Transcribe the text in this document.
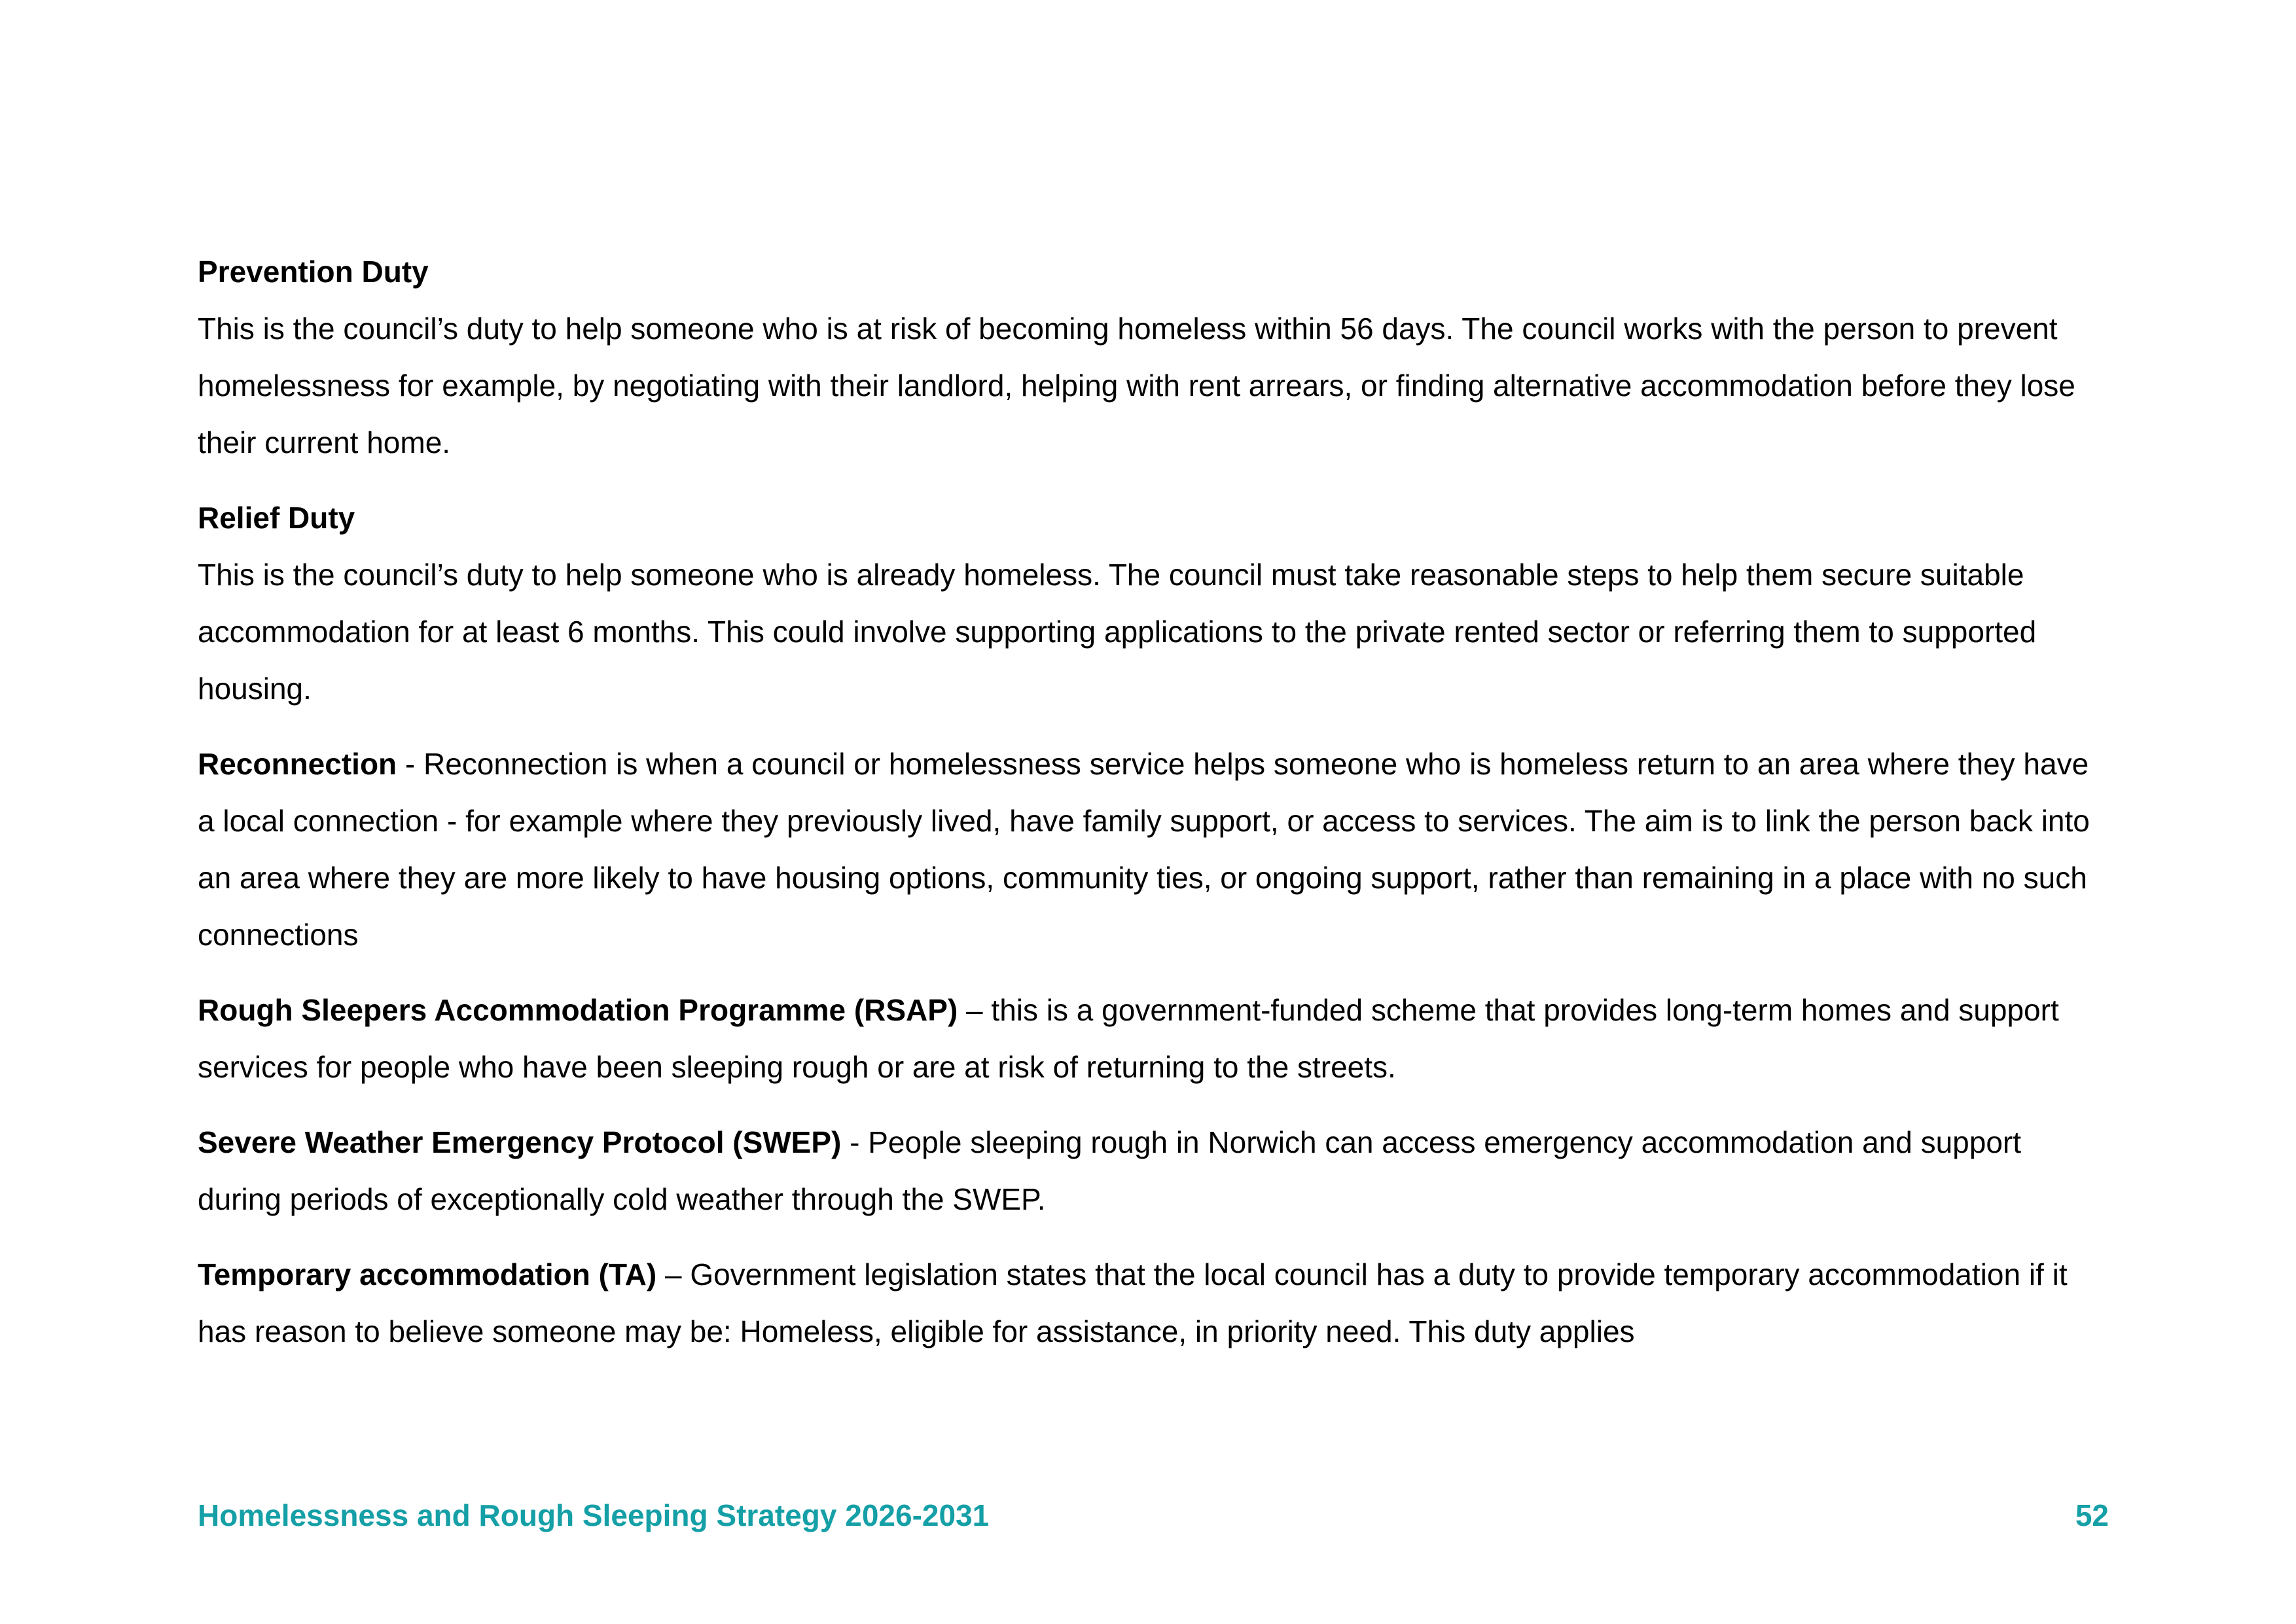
Prevention Duty

This is the council’s duty to help someone who is at risk of becoming homeless within 56 days. The council works with the person to prevent homelessness for example, by negotiating with their landlord, helping with rent arrears, or finding alternative accommodation before they lose their current home.

Relief Duty

This is the council’s duty to help someone who is already homeless. The council must take reasonable steps to help them secure suitable accommodation for at least 6 months. This could involve supporting applications to the private rented sector or referring them to supported housing.

Reconnection - Reconnection is when a council or homelessness service helps someone who is homeless return to an area where they have a local connection - for example where they previously lived, have family support, or access to services. The aim is to link the person back into an area where they are more likely to have housing options, community ties, or ongoing support, rather than remaining in a place with no such connections

Rough Sleepers Accommodation Programme (RSAP) – this is a government-funded scheme that provides long-term homes and support services for people who have been sleeping rough or are at risk of returning to the streets.

Severe Weather Emergency Protocol (SWEP) - People sleeping rough in Norwich can access emergency accommodation and support during periods of exceptionally cold weather through the SWEP.

Temporary accommodation (TA) – Government legislation states that the local council has a duty to provide temporary accommodation if it has reason to believe someone may be: Homeless, eligible for assistance, in priority need. This duty applies

Homelessness and Rough Sleeping Strategy 2026-2031	52
